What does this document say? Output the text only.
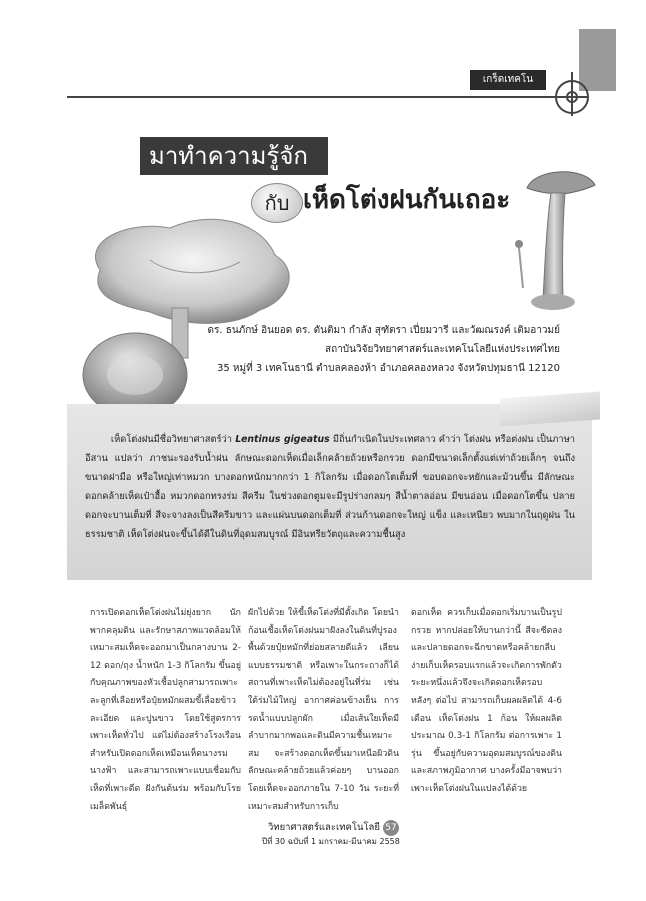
เกร็ดเทคโน
มาทำความรู้จัก
กับ เห็ดโต่งฝนกันเถอะ
ดร. ธนภักษ์ อินยอด ดร. ตันติมา กำลัง สุฑัตรา เปี่ยมวารี และวัฒณรงค์ เติมอาวมย์
สถาบันวิจัยวิทยาศาสตร์และเทคโนโลยีแห่งประเทศไทย
35 หมู่ที่ 3 เทคโนธานี ตำบลคลองห้า อำเภอคลองหลวง จังหวัดปทุมธานี 12120
เห็ดโต่งฝนมีชื่อวิทยาศาสตร์ว่า Lentinus gigeatus มีถิ่นกำเนิดในประเทศลาว คำว่า โต่งฝน หรือต่งฝน เป็นภาษาอีสาน แปลว่า ภาชนะรองรับน้ำฝน ลักษณะดอกเห็ดเมื่อเล็กคล้ายถ้วยหรือกรวย ดอกมีขนาดเล็กตั้งแต่เท่าถ้วยเล็กๆ จนถึงขนาดฝามือ หรือใหญ่เท่าหมวก บางดอกหนักมากกว่า 1 กิโลกรัม เมื่อดอกโตเต็มที่ ขอบดอกจะหยักและม้วนขึ้น มีลักษณะดอกคล้ายเห็ดเป๋าฮื้อ หมวกดอกทรงร่ม สีครีม ในช่วงดอกตูมจะมีรูปร่างกลมๆ สีน้ำตาลอ่อน มีขนอ่อน เมื่อดอกโตขึ้น ปลายดอกจะบานเต็มที่ สีจะจางลงเป็นสีครีมขาว และแผ่นบนดอกเต็มที่ ส่วนก้านดอกจะใหญ่ แข็ง และเหนียว พบมากในฤดูฝน ในธรรมชาติ เห็ดโต่งฝนจะขึ้นได้ดีในดินที่อุดมสมบูรณ์ มีอินทรียวัตถุและความชื้นสูง
การเปิดดอกเห็ดโต่งฝนไม่ยุ่งยาก นักพากคลุมดิน และรักษาสภาพแวดล้อมให้เหมาะสมเห็ดจะออกมาเป็นกลางบาน 2-12 ดอก/ถุง น้ำหนัก 1-3 กิโลกรัม ขึ้นอยู่กับคุณภาพของหัวเชื้อปลูกสามารถเพาะละลูกที่เลือยหรือปุ๋ยหมักผสมขี้เลื่อยข้าวละเอียด และปูนขาว โดยใช้สูตรการเพาะเห็ดทั่วไป แต่ไม่ต้องสร้างโรงเรือนสำหรับเปิดดอกเห็ดเหมือนเห็ดนางรม นางฟ้า และสามารถเพาะแบบเชื่อมกับเห็ดที่เพาะดีด ฝังกันต้นร่ม พร้อมกับโรยเมล็ดพันธุ์
ผักไปด้วย ให้ขี้เห็ดโต่งที่มีตั้งเกิด โดยนำก้อนเชื้อเห็ดโต่งฝนมาฝังลงในดินที่ปูรองพื้นด้วยปุ๋ยหมักที่ย่อยสลายดีแล้ว เลียนแบบธรรมชาติ หรือเพาะในกระถางก็ได้ สถานที่เพาะเห็ดไม่ต้องอยู่ในที่ร่ม เช่น ใต้ร่มไม้ใหญ่ อากาศค่อนข้างเย็น การรดน้ำแบบปลูกผัก เมื่อเส้นใยเห็ดมีลำบากมากพอและดินมีความชื้นเหมาะสม จะสร้างดอกเห็ดขึ้นมาเหนือผิวดิน ลักษณะคล้ายถ้วยแล้วค่อยๆ บานออก โดยเห็ดจะออกภายใน 7-10 วัน ระยะที่เหมาะสมสำหรับการเก็บ
ดอกเห็ด ควรเก็บเมื่อดอกเริ่มบานเป็นรูปกรวย หากปล่อยให้บานกว่านี้ สีจะซีดลงและปลายดอกจะฉีกขาดหรือคล้ายกลีบง่ายเก็บเห็ดรอบแรกแล้วจะเกิดการพักตัวระยะหนึ่งแล้วจึงจะเกิดดอกเห็ดรอบหลังๆ ต่อไป สามารถเก็บผลผลิตได้ 4-6 เดือน เห็ดโต่งฝน 1 ก้อน ให้ผลผลิตประมาณ 0.3-1 กิโลกรัม ต่อการเพาะ 1 รุ่น ขึ้นอยู่กับความอุดมสมบูรณ์ของดิน และสภาพภูมิอากาศ บางครั้งมีอาจพบว่าเพาะเห็ดโต่งฝนในแปลงได้ด้วย
วิทยาศาสตร์และเทคโนโลยี 57
ปีที่ 30 ฉบับที่ 1 มกราคม-มีนาคม 2558
